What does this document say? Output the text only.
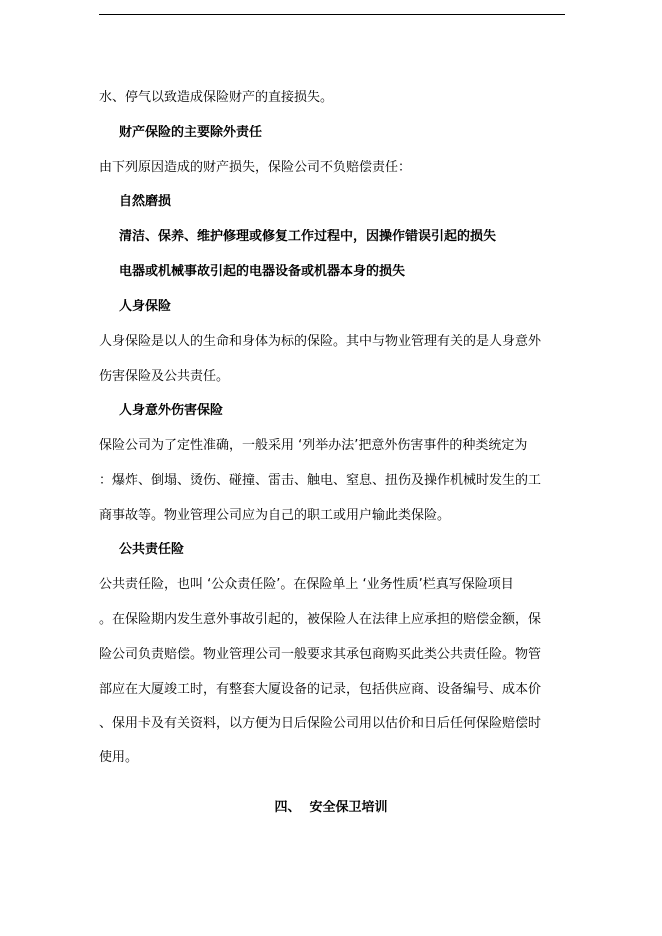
水、停气以致造成保险财产的直接损失。
财产保险的主要除外责任
由下列原因造成的财产损失，保险公司不负赔偿责任：
自然磨损
清洁、保养、维护修理或修复工作过程中，因操作错误引起的损失
电器或机械事故引起的电器设备或机器本身的损失
人身保险
人身保险是以人的生命和身体为标的保险。其中与物业管理有关的是人身意外
伤害保险及公共责任。
人身意外伤害保险
保险公司为了定性准确，一般采用 ‘列举办法’把意外伤害事件的种类统定为
：爆炸、倒塌、烫伤、碰撞、雷击、触电、窒息、扭伤及操作机械时发生的工
商事故等。物业管理公司应为自己的职工或用户输此类保险。
公共责任险
公共责任险，也叫 ‘公众责任险’。在保险单上 ‘业务性质’栏真写保险项目
。在保险期内发生意外事故引起的，被保险人在法律上应承担的赔偿金额，保
险公司负责赔偿。物业管理公司一般要求其承包商购买此类公共责任险。物管
部应在大厦竣工时，有整套大厦设备的记录，包括供应商、设备编号、成本价
、保用卡及有关资料，以方便为日后保险公司用以估价和日后任何保险赔偿时
使用。
四、  安全保卫培训
